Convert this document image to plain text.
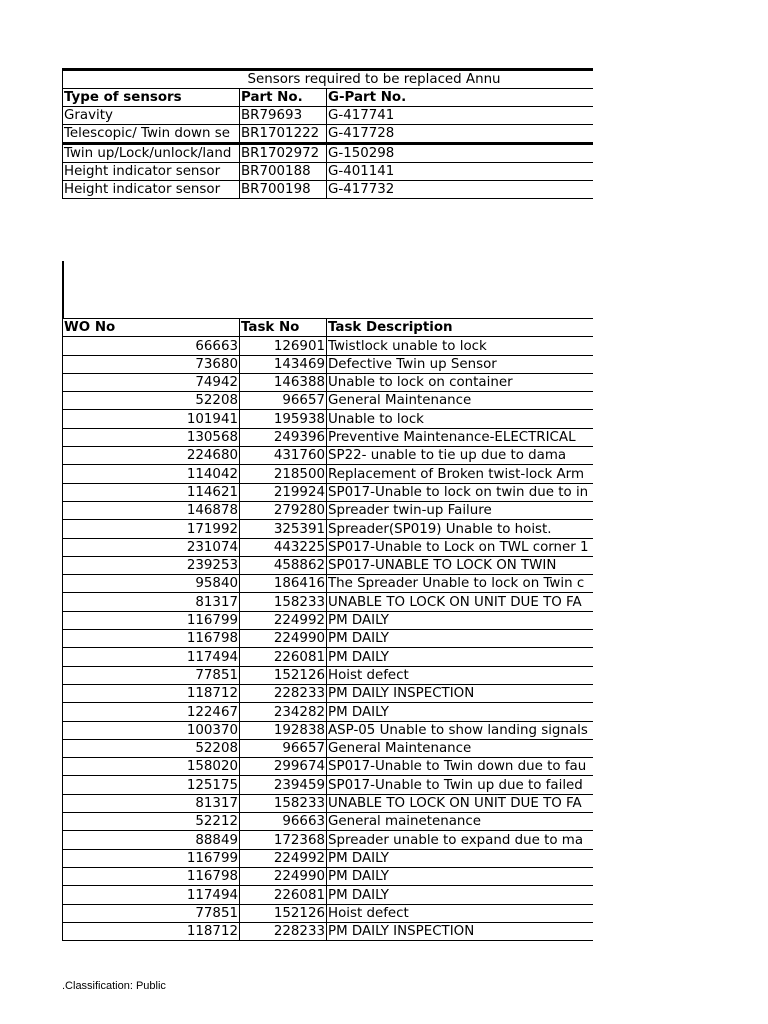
	Sensors required to be replaced Annu	
Type of sensors	Part No.	G-Part No.
Gravity	BR79693	G-417741
Telescopic/ Twin down se	BR1701222	G-417728
Twin up/Lock/unlock/land	BR1702972	G-150298
Height indicator sensor	BR700188	G-401141
Height indicator sensor	BR700198	G-417732
WO No	Task No	Task Description
66663	126901	Twistlock unable to lock
73680	143469	Defective Twin up Sensor
74942	146388	Unable to lock on container
52208	96657	General Maintenance
101941	195938	Unable to lock
130568	249396	Preventive Maintenance-ELECTRICAL
224680	431760	SP22- unable to tie up due to dama
114042	218500	Replacement of Broken twist-lock Arm
114621	219924	SP017-Unable to lock on twin due to in
146878	279280	Spreader twin-up Failure
171992	325391	Spreader(SP019) Unable to hoist.
231074	443225	SP017-Unable to Lock on TWL corner 1
239253	458862	SP017-UNABLE TO LOCK ON TWIN
95840	186416	The Spreader Unable to lock on Twin c
81317	158233	UNABLE TO LOCK ON UNIT DUE TO FA
116799	224992	PM DAILY
116798	224990	PM DAILY
117494	226081	PM DAILY
77851	152126	Hoist defect
118712	228233	PM DAILY INSPECTION
122467	234282	PM DAILY
100370	192838	ASP-05 Unable to show landing signals
52208	96657	General Maintenance
158020	299674	SP017-Unable to Twin down due to fau
125175	239459	SP017-Unable to Twin up due to failed
81317	158233	UNABLE TO LOCK ON UNIT DUE TO FA
52212	96663	General mainetenance
88849	172368	Spreader unable to expand due to ma
116799	224992	PM DAILY
116798	224990	PM DAILY
117494	226081	PM DAILY
77851	152126	Hoist defect
118712	228233	PM DAILY INSPECTION
.Classification: Public
